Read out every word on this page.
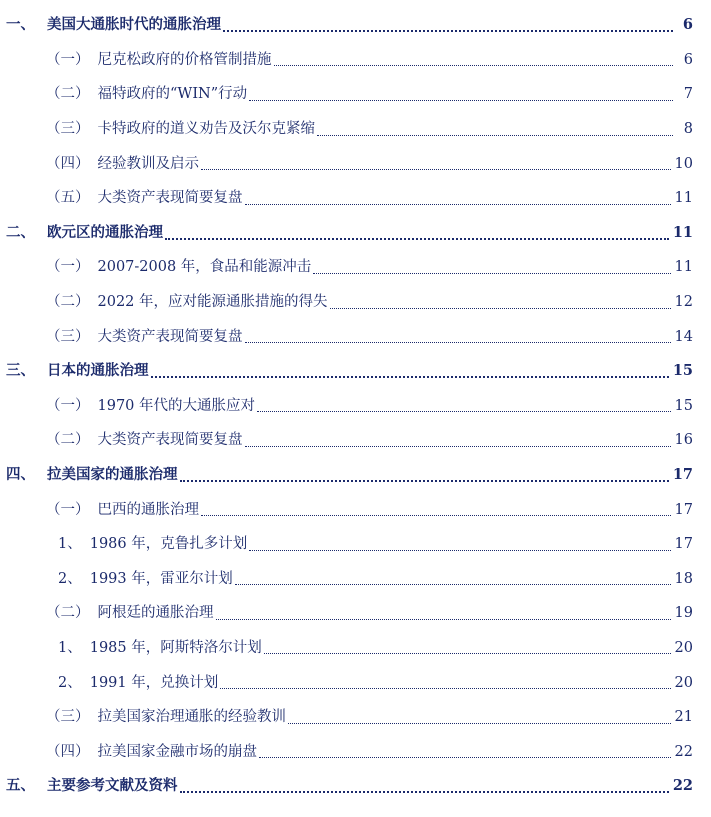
一、 美国大通胀时代的通胀治理	6
（一） 尼克松政府的价格管制措施	6
（二） 福特政府的“WIN”行动	7
（三） 卡特政府的道义劝告及沃尔克紧缩	8
（四） 经验教训及启示	10
（五） 大类资产表现简要复盘	11
二、 欧元区的通胀治理	11
（一） 2007-2008 年，食品和能源冲击	11
（二） 2022 年，应对能源通胀措施的得失	12
（三） 大类资产表现简要复盘	14
三、 日本的通胀治理	15
（一） 1970 年代的大通胀应对	15
（二） 大类资产表现简要复盘	16
四、 拉美国家的通胀治理	17
（一） 巴西的通胀治理	17
1、 1986 年，克鲁扎多计划	17
2、 1993 年，雷亚尔计划	18
（二） 阿根廷的通胀治理	19
1、 1985 年，阿斯特洛尔计划	20
2、 1991 年，兑换计划	20
（三） 拉美国家治理通胀的经验教训	21
（四） 拉美国家金融市场的崩盘	22
五、 主要参考文献及资料	22
